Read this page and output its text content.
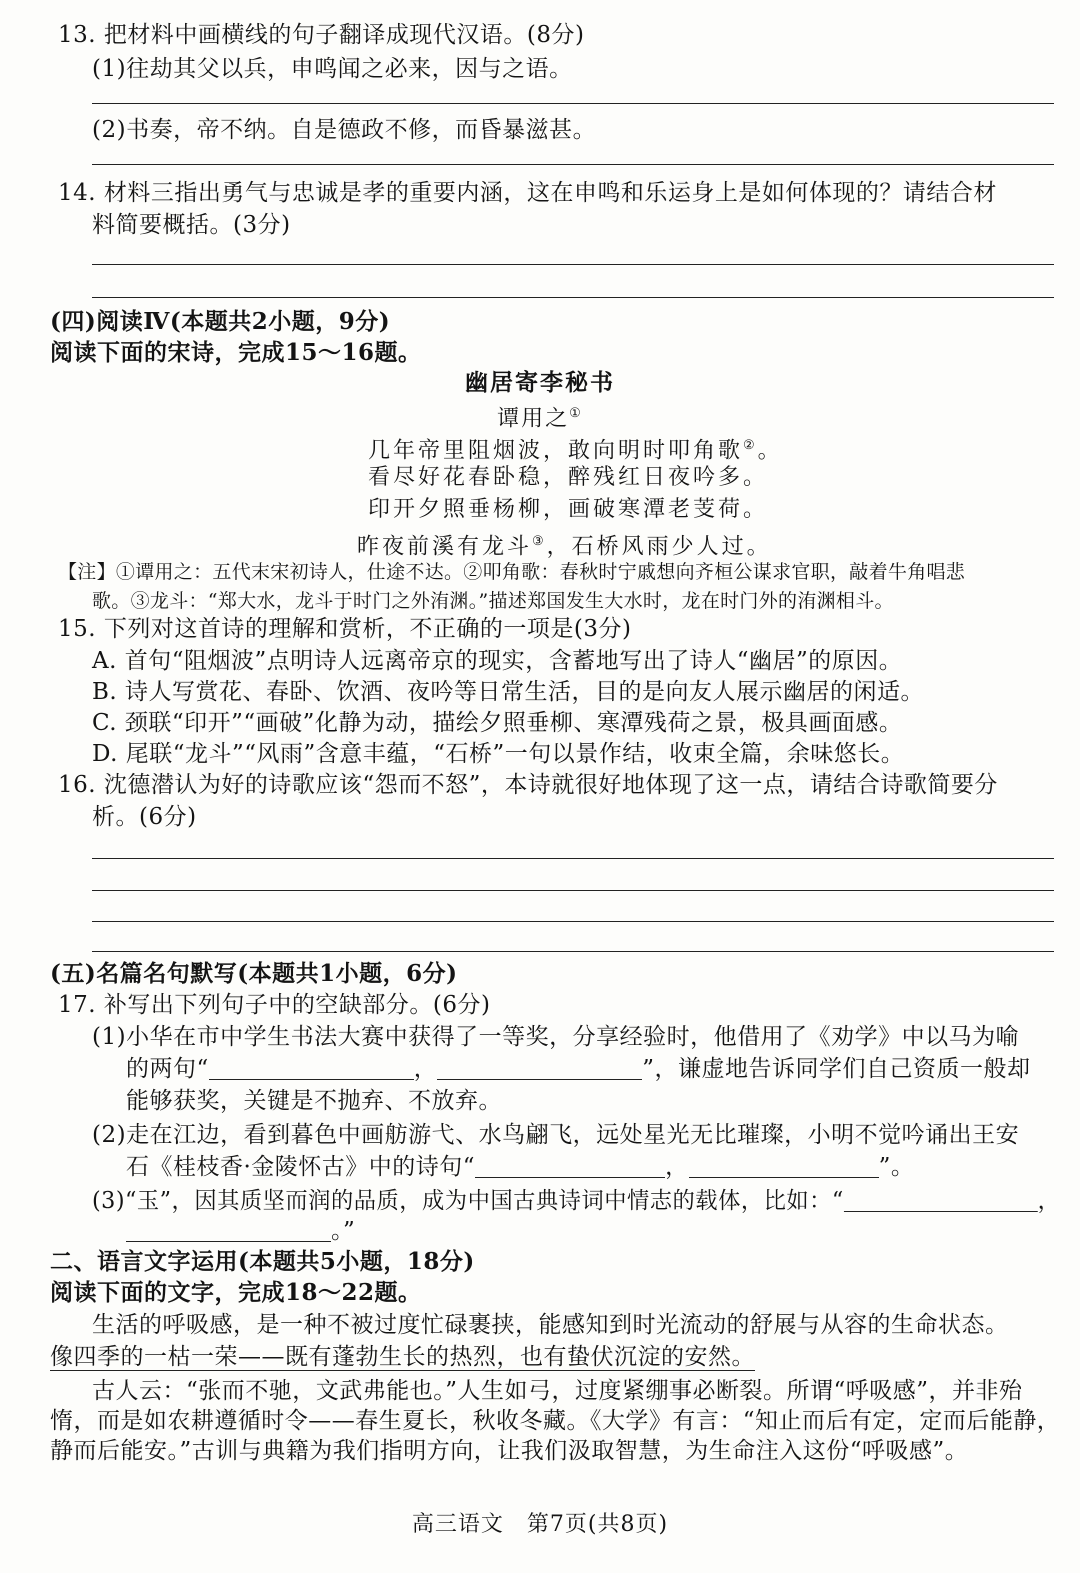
13. 把材料中画横线的句子翻译成现代汉语。(8分)
(1)往劫其父以兵，申鸣闻之必来，因与之语。
(2)书奏，帝不纳。自是德政不修，而昏暴滋甚。
14. 材料三指出勇气与忠诚是孝的重要内涵，这在申鸣和乐运身上是如何体现的？请结合材
料简要概括。(3分)
(四)阅读Ⅳ(本题共2小题，9分)
阅读下面的宋诗，完成15～16题。
幽居寄李秘书
谭用之①
几年帝里阻烟波，敢向明时叩角歌②。
看尽好花春卧稳，醉残红日夜吟多。
印开夕照垂杨柳，画破寒潭老芰荷。
昨夜前溪有龙斗③，石桥风雨少人过。
【注】①谭用之：五代末宋初诗人，仕途不达。②叩角歌：春秋时宁戚想向齐桓公谋求官职，敲着牛角唱悲
歌。③龙斗：“郑大水，龙斗于时门之外洧渊。”描述郑国发生大水时，龙在时门外的洧渊相斗。
15. 下列对这首诗的理解和赏析，不正确的一项是(3分)
A. 首句“阻烟波”点明诗人远离帝京的现实，含蓄地写出了诗人“幽居”的原因。
B. 诗人写赏花、春卧、饮酒、夜吟等日常生活，目的是向友人展示幽居的闲适。
C. 颈联“印开”“画破”化静为动，描绘夕照垂柳、寒潭残荷之景，极具画面感。
D. 尾联“龙斗”“风雨”含意丰蕴，“石桥”一句以景作结，收束全篇，余味悠长。
16. 沈德潜认为好的诗歌应该“怨而不怒”，本诗就很好地体现了这一点，请结合诗歌简要分
析。(6分)
(五)名篇名句默写(本题共1小题，6分)
17. 补写出下列句子中的空缺部分。(6分)
(1)小华在市中学生书法大赛中获得了一等奖，分享经验时，他借用了《劝学》中以马为喻
的两句“	，	”，谦虚地告诉同学们自己资质一般却
能够获奖，关键是不抛弃、不放弃。
(2)走在江边，看到暮色中画舫游弋、水鸟翩飞，远处星光无比璀璨，小明不觉吟诵出王安
石《桂枝香·金陵怀古》中的诗句“	，	”。
(3)“玉”，因其质坚而润的品质，成为中国古典诗词中情志的载体，比如：“	，
。”
二、语言文字运用(本题共5小题，18分)
阅读下面的文字，完成18～22题。
生活的呼吸感，是一种不被过度忙碌裹挟，能感知到时光流动的舒展与从容的生命状态。
像四季的一枯一荣——既有蓬勃生长的热烈，也有蛰伏沉淀的安然。
古人云：“张而不驰，文武弗能也。”人生如弓，过度紧绷事必断裂。所谓“呼吸感”，并非殆
惰，而是如农耕遵循时令——春生夏长，秋收冬藏。《大学》有言：“知止而后有定，定而后能静，
静而后能安。”古训与典籍为我们指明方向，让我们汲取智慧，为生命注入这份“呼吸感”。
高三语文　第7页(共8页)
